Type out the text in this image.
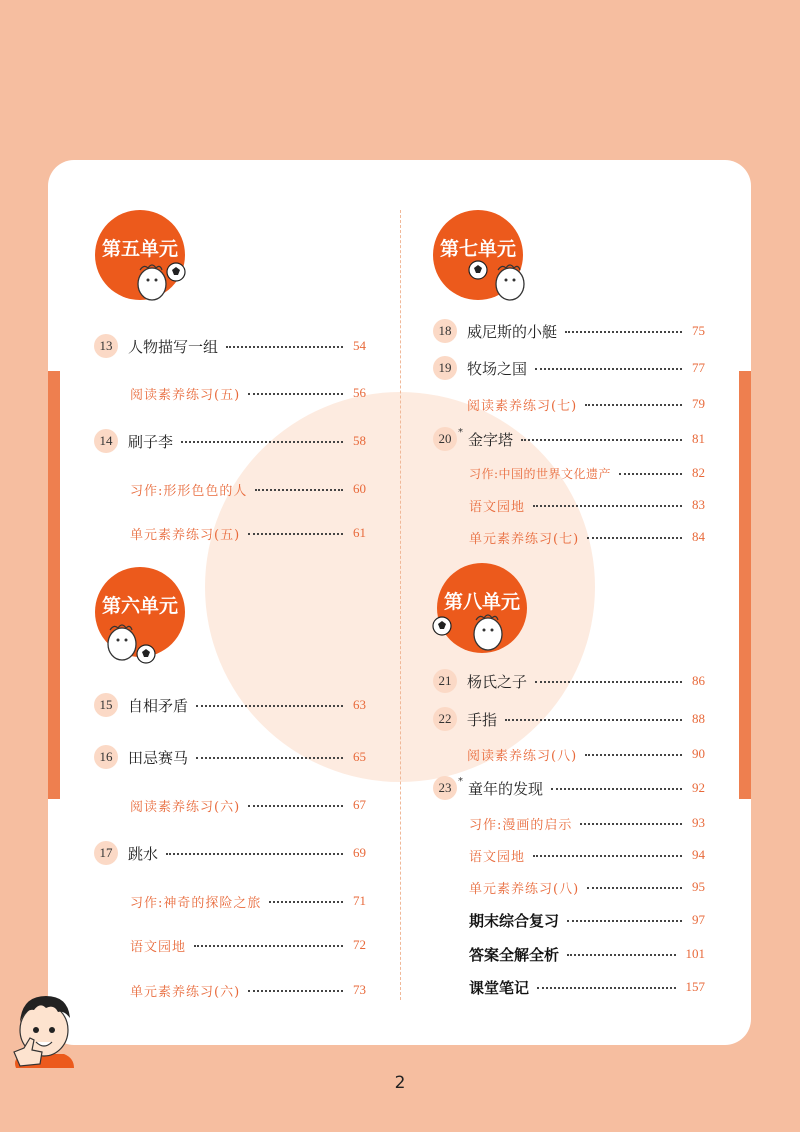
第五单元
第六单元
第七单元
第八单元
13	人物描写一组	54
阅读素养练习(五)	56
14	刷子李	58
习作:形形色色的人	60
单元素养练习(五)	61
15	自相矛盾	63
16	田忌赛马	65
阅读素养练习(六)	67
17	跳水	69
习作:神奇的探险之旅	71
语文园地	72
单元素养练习(六)	73
18	威尼斯的小艇	75
19	牧场之国	77
阅读素养练习(七)	79
20 * 金字塔	81
习作:中国的世界文化遗产	82
语文园地	83
单元素养练习(七)	84
21	杨氏之子	86
22	手指	88
阅读素养练习(八)	90
23 * 童年的发现	92
习作:漫画的启示	93
语文园地	94
单元素养练习(八)	95
期末综合复习	97
答案全解全析	101
课堂笔记	157
2
